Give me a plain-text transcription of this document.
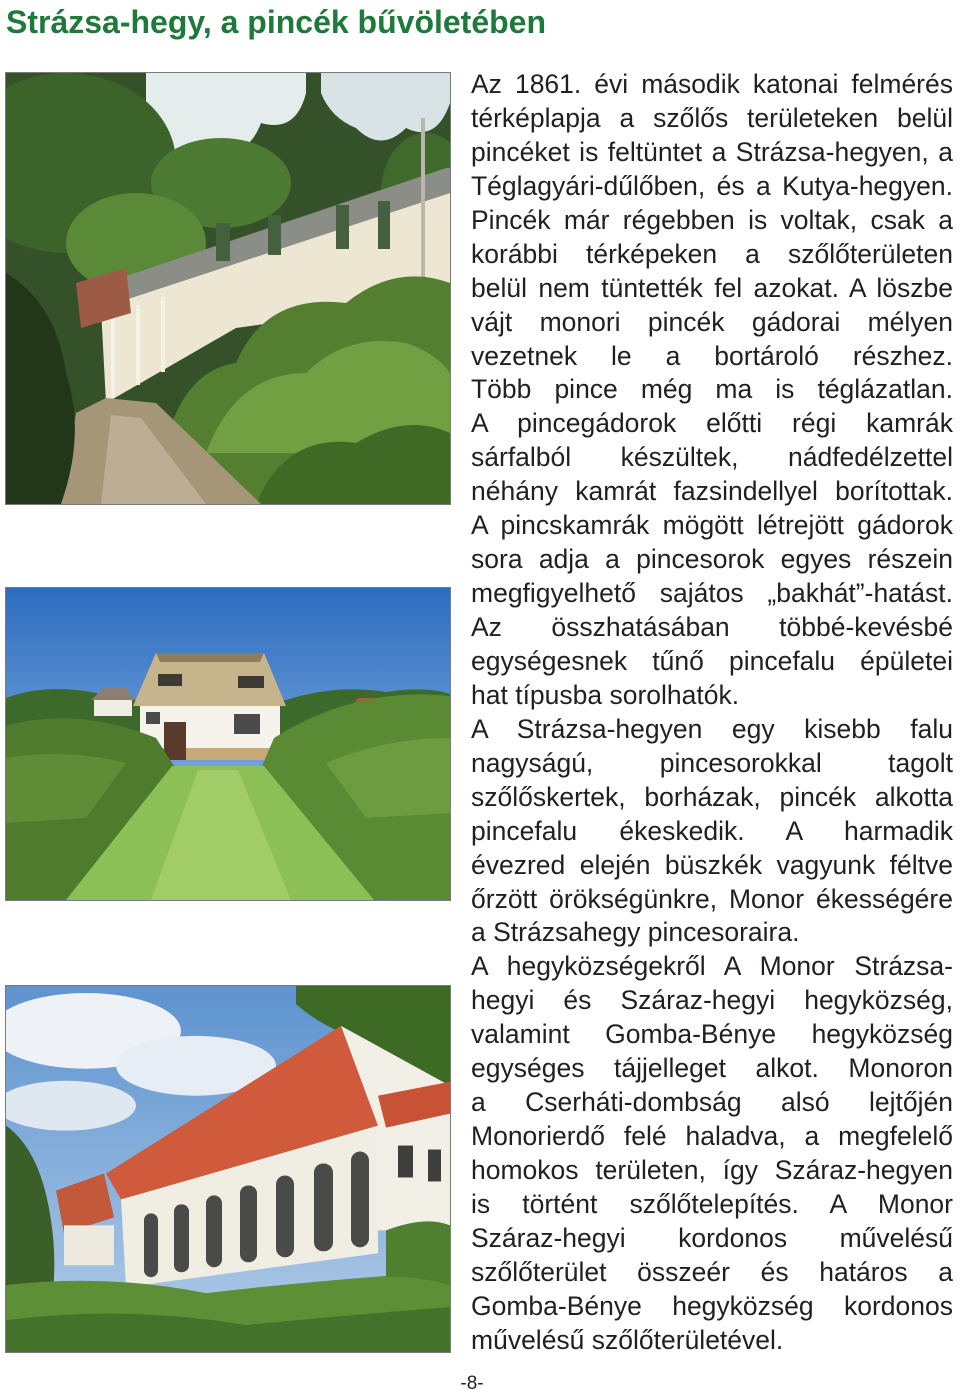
Strázsa-hegy, a pincék bűvöletében
Az 1861. évi második katonai felmérés
térképlapja a szőlős területeken belül
pincéket is feltüntet a Strázsa-hegyen, a
Téglagyári-dűlőben, és a Kutya-hegyen.
Pincék már régebben is voltak, csak a
korábbi térképeken a szőlőterületen
belül nem tüntették fel azokat. A löszbe
vájt monori pincék gádorai mélyen
vezetnek le a bortároló részhez.
Több pince még ma is téglázatlan.
A pincegádorok előtti régi kamrák
sárfalból készültek, nádfedélzettel
néhány kamrát fazsindellyel borítottak.
A pincskamrák mögött létrejött gádorok
sora adja a pincesorok egyes részein
megfigyelhető sajátos „bakhát”-hatást.
Az összhatásában többé-kevésbé
egységesnek tűnő pincefalu épületei
hat típusba sorolhatók.
A Strázsa-hegyen egy kisebb falu
nagyságú, pincesorokkal tagolt
szőlőskertek, borházak, pincék alkotta
pincefalu ékeskedik. A harmadik
évezred elején büszkék vagyunk féltve
őrzött örökségünkre, Monor ékességére
a Strázsahegy pincesoraira.
A hegyközségekről A Monor Strázsa-
hegyi és Száraz-hegyi hegyközség,
valamint Gomba-Bénye hegyközség
egységes tájjelleget alkot. Monoron
a Cserháti-dombság alsó lejtőjén
Monorierdő felé haladva, a megfelelő
homokos területen, így Száraz-hegyen
is történt szőlőtelepítés. A Monor
Száraz-hegyi kordonos művelésű
szőlőterület összeér és határos a
Gomba-Bénye hegyközség kordonos
művelésű szőlőterületével.
-8-
